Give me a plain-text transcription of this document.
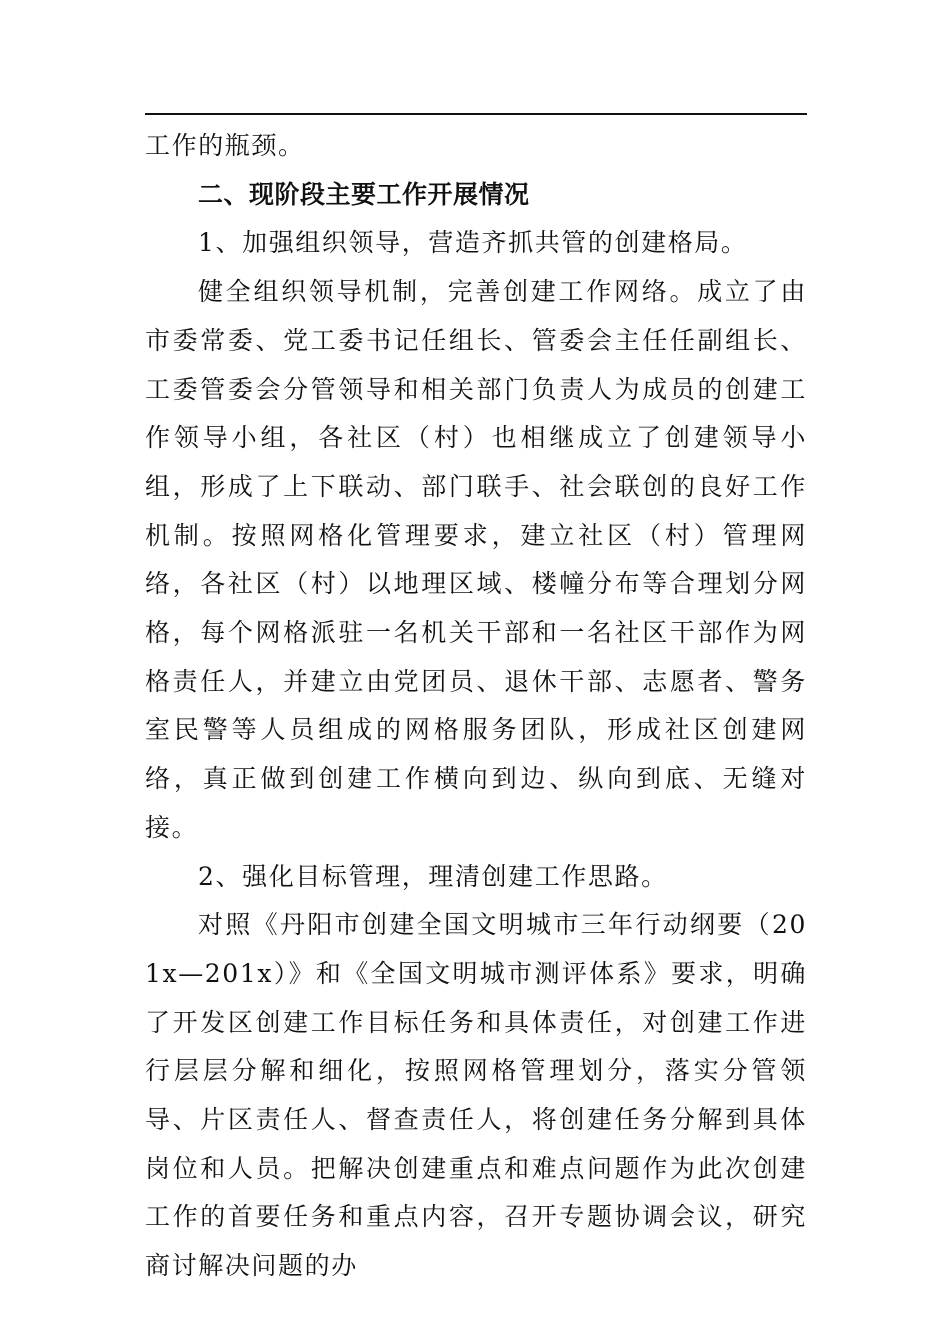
工作的瓶颈。

二、现阶段主要工作开展情况

1、加强组织领导，营造齐抓共管的创建格局。

健全组织领导机制，完善创建工作网络。成立了由市委常委、党工委书记任组长、管委会主任任副组长、工委管委会分管领导和相关部门负责人为成员的创建工作领导小组，各社区（村）也相继成立了创建领导小组，形成了上下联动、部门联手、社会联创的良好工作机制。按照网格化管理要求，建立社区（村）管理网络，各社区（村）以地理区域、楼幢分布等合理划分网格，每个网格派驻一名机关干部和一名社区干部作为网格责任人，并建立由党团员、退休干部、志愿者、警务室民警等人员组成的网格服务团队，形成社区创建网络，真正做到创建工作横向到边、纵向到底、无缝对接。

2、强化目标管理，理清创建工作思路。

对照《丹阳市创建全国文明城市三年行动纲要（201x—201x）》和《全国文明城市测评体系》要求，明确了开发区创建工作目标任务和具体责任，对创建工作进行层层分解和细化，按照网格管理划分，落实分管领导、片区责任人、督查责任人，将创建任务分解到具体岗位和人员。把解决创建重点和难点问题作为此次创建工作的首要任务和重点内容，召开专题协调会议，研究商讨解决问题的办
